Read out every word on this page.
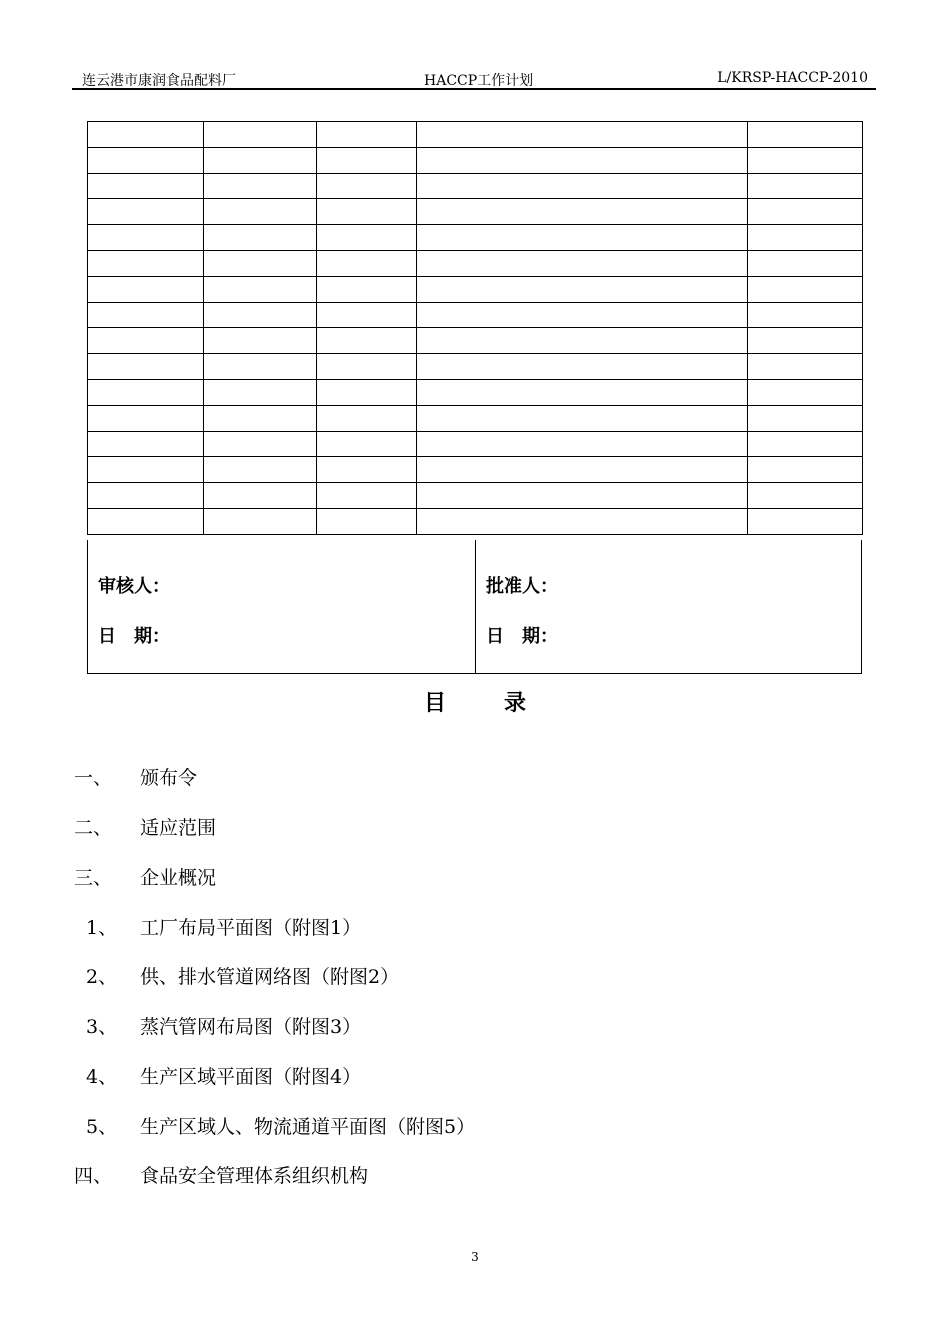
连云港市康润食品配料厂	HACCP工作计划	L/KRSP-HACCP-2010

审核人：
日　期：
批准人：
日　期：
目	录
一、 颁布令
二、 适应范围
三、 企业概况
1、 工厂布局平面图（附图1）
2、 供、排水管道网络图（附图2）
3、 蒸汽管网布局图（附图3）
4、 生产区域平面图（附图4）
5、 生产区域人、物流通道平面图（附图5）
四、 食品安全管理体系组织机构
3
